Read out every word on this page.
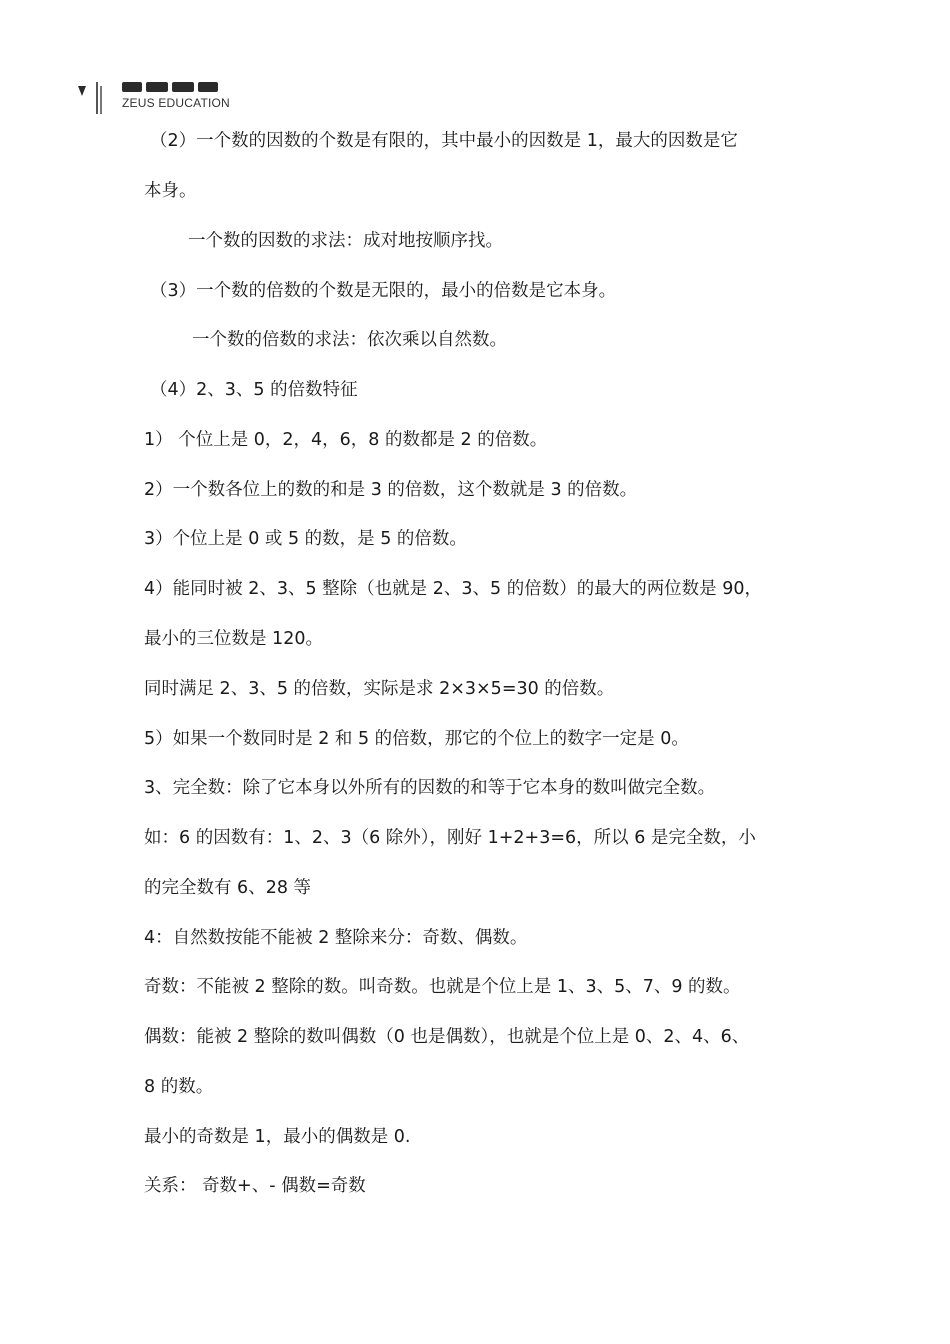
ZEUS EDUCATION
（2）一个数的因数的个数是有限的，其中最小的因数是 1，最大的因数是它
本身。
一个数的因数的求法：成对地按顺序找。
（3）一个数的倍数的个数是无限的，最小的倍数是它本身。
一个数的倍数的求法：依次乘以自然数。
（4）2、3、5 的倍数特征
1） 个位上是 0，2，4，6，8 的数都是 2 的倍数。
2）一个数各位上的数的和是 3 的倍数，这个数就是 3 的倍数。
3）个位上是 0 或 5 的数，是 5 的倍数。
4）能同时被 2、3、5 整除（也就是 2、3、5 的倍数）的最大的两位数是 90，
最小的三位数是 120。
同时满足 2、3、5 的倍数，实际是求 2×3×5=30 的倍数。
5）如果一个数同时是 2 和 5 的倍数，那它的个位上的数字一定是 0。
3、完全数：除了它本身以外所有的因数的和等于它本身的数叫做完全数。
如：6 的因数有：1、2、3（6 除外），刚好 1+2+3=6，所以 6 是完全数，小
的完全数有 6、28 等
4：自然数按能不能被 2 整除来分：奇数、偶数。
奇数：不能被 2 整除的数。叫奇数。也就是个位上是 1、3、5、7、9 的数。
偶数：能被 2 整除的数叫偶数（0 也是偶数），也就是个位上是 0、2、4、6、
8 的数。
最小的奇数是 1，最小的偶数是 0.
关系： 奇数+、- 偶数=奇数
